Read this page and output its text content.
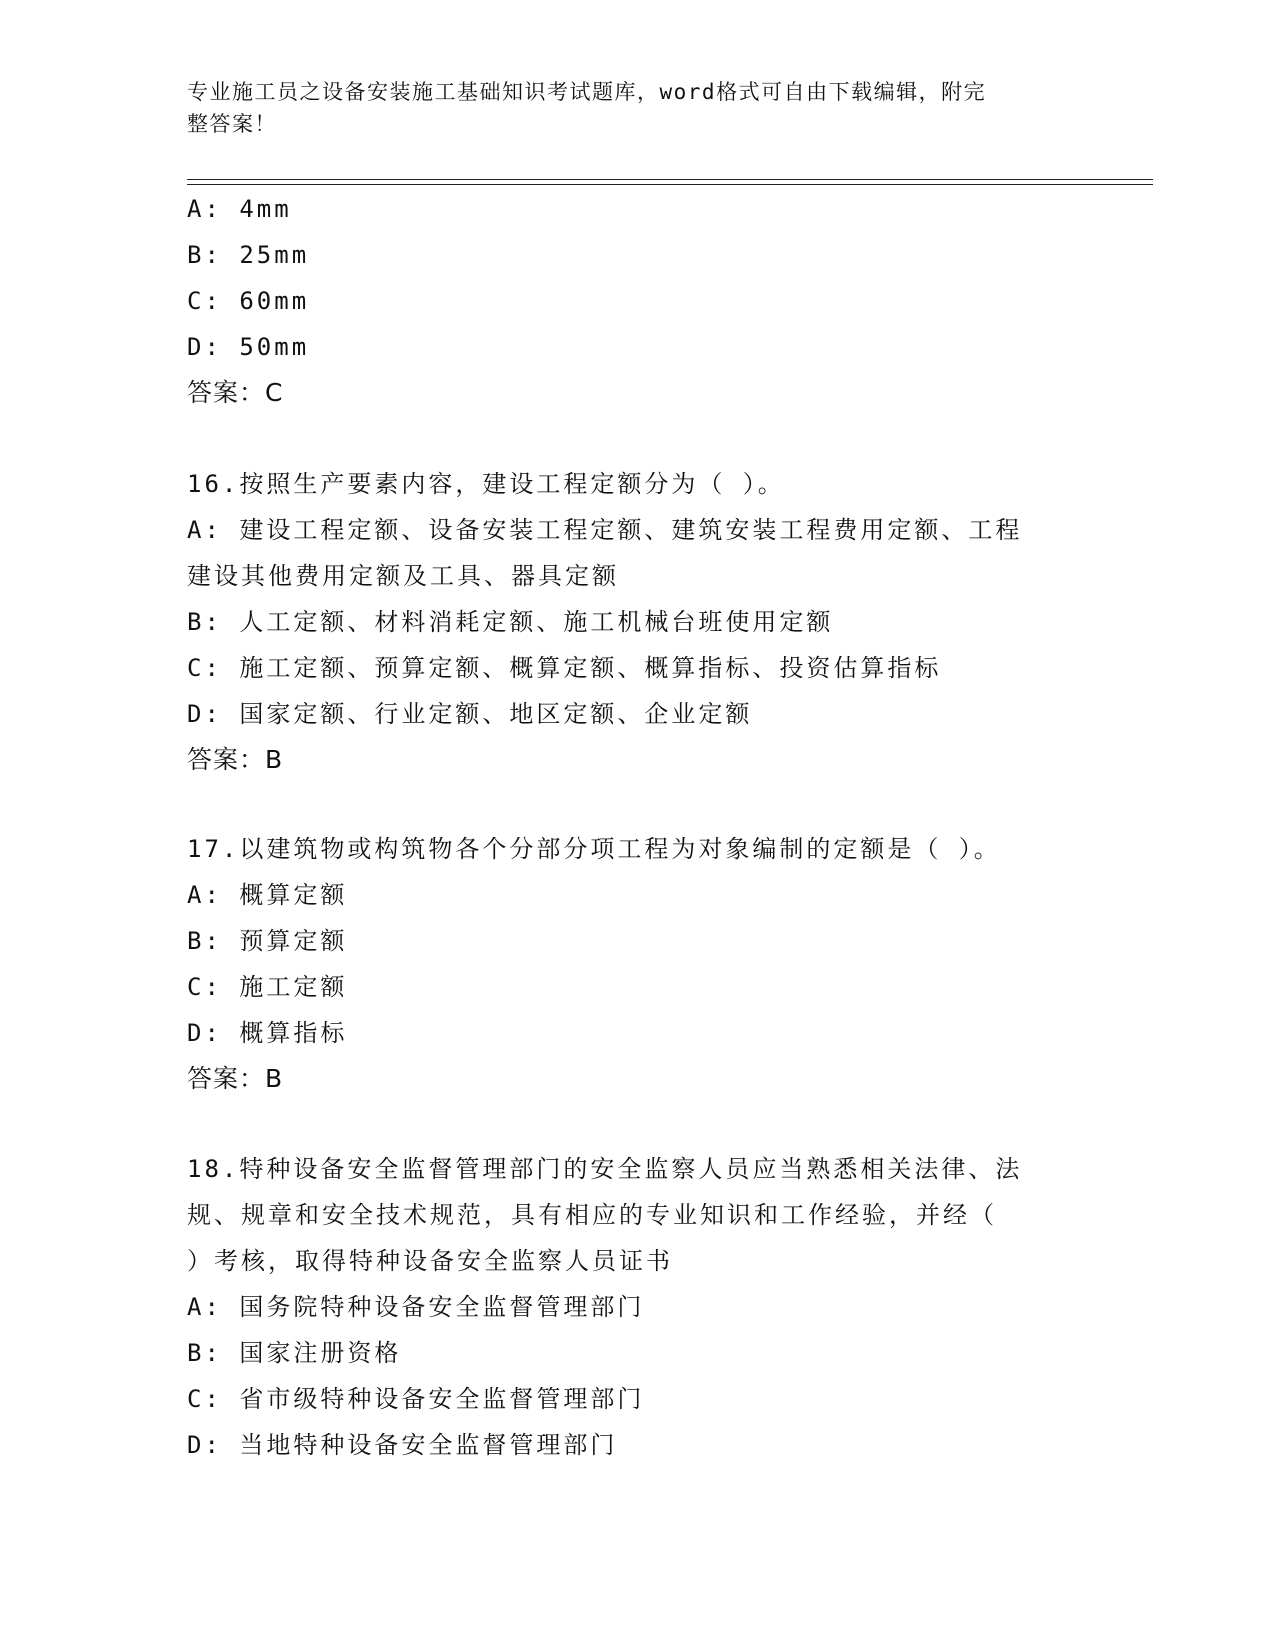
专业施工员之设备安装施工基础知识考试题库，word格式可自由下载编辑，附完
整答案！
A: 4mm
B: 25mm
C: 60mm
D: 50mm
答案：C
16.按照生产要素内容，建设工程定额分为（ ）。
A: 建设工程定额、设备安装工程定额、建筑安装工程费用定额、工程
建设其他费用定额及工具、器具定额
B: 人工定额、材料消耗定额、施工机械台班使用定额
C: 施工定额、预算定额、概算定额、概算指标、投资估算指标
D: 国家定额、行业定额、地区定额、企业定额
答案：B
17.以建筑物或构筑物各个分部分项工程为对象编制的定额是（ ）。
A: 概算定额
B: 预算定额
C: 施工定额
D: 概算指标
答案：B
18.特种设备安全监督管理部门的安全监察人员应当熟悉相关法律、法
规、规章和安全技术规范，具有相应的专业知识和工作经验，并经（
）考核，取得特种设备安全监察人员证书
A: 国务院特种设备安全监督管理部门
B: 国家注册资格
C: 省市级特种设备安全监督管理部门
D: 当地特种设备安全监督管理部门
